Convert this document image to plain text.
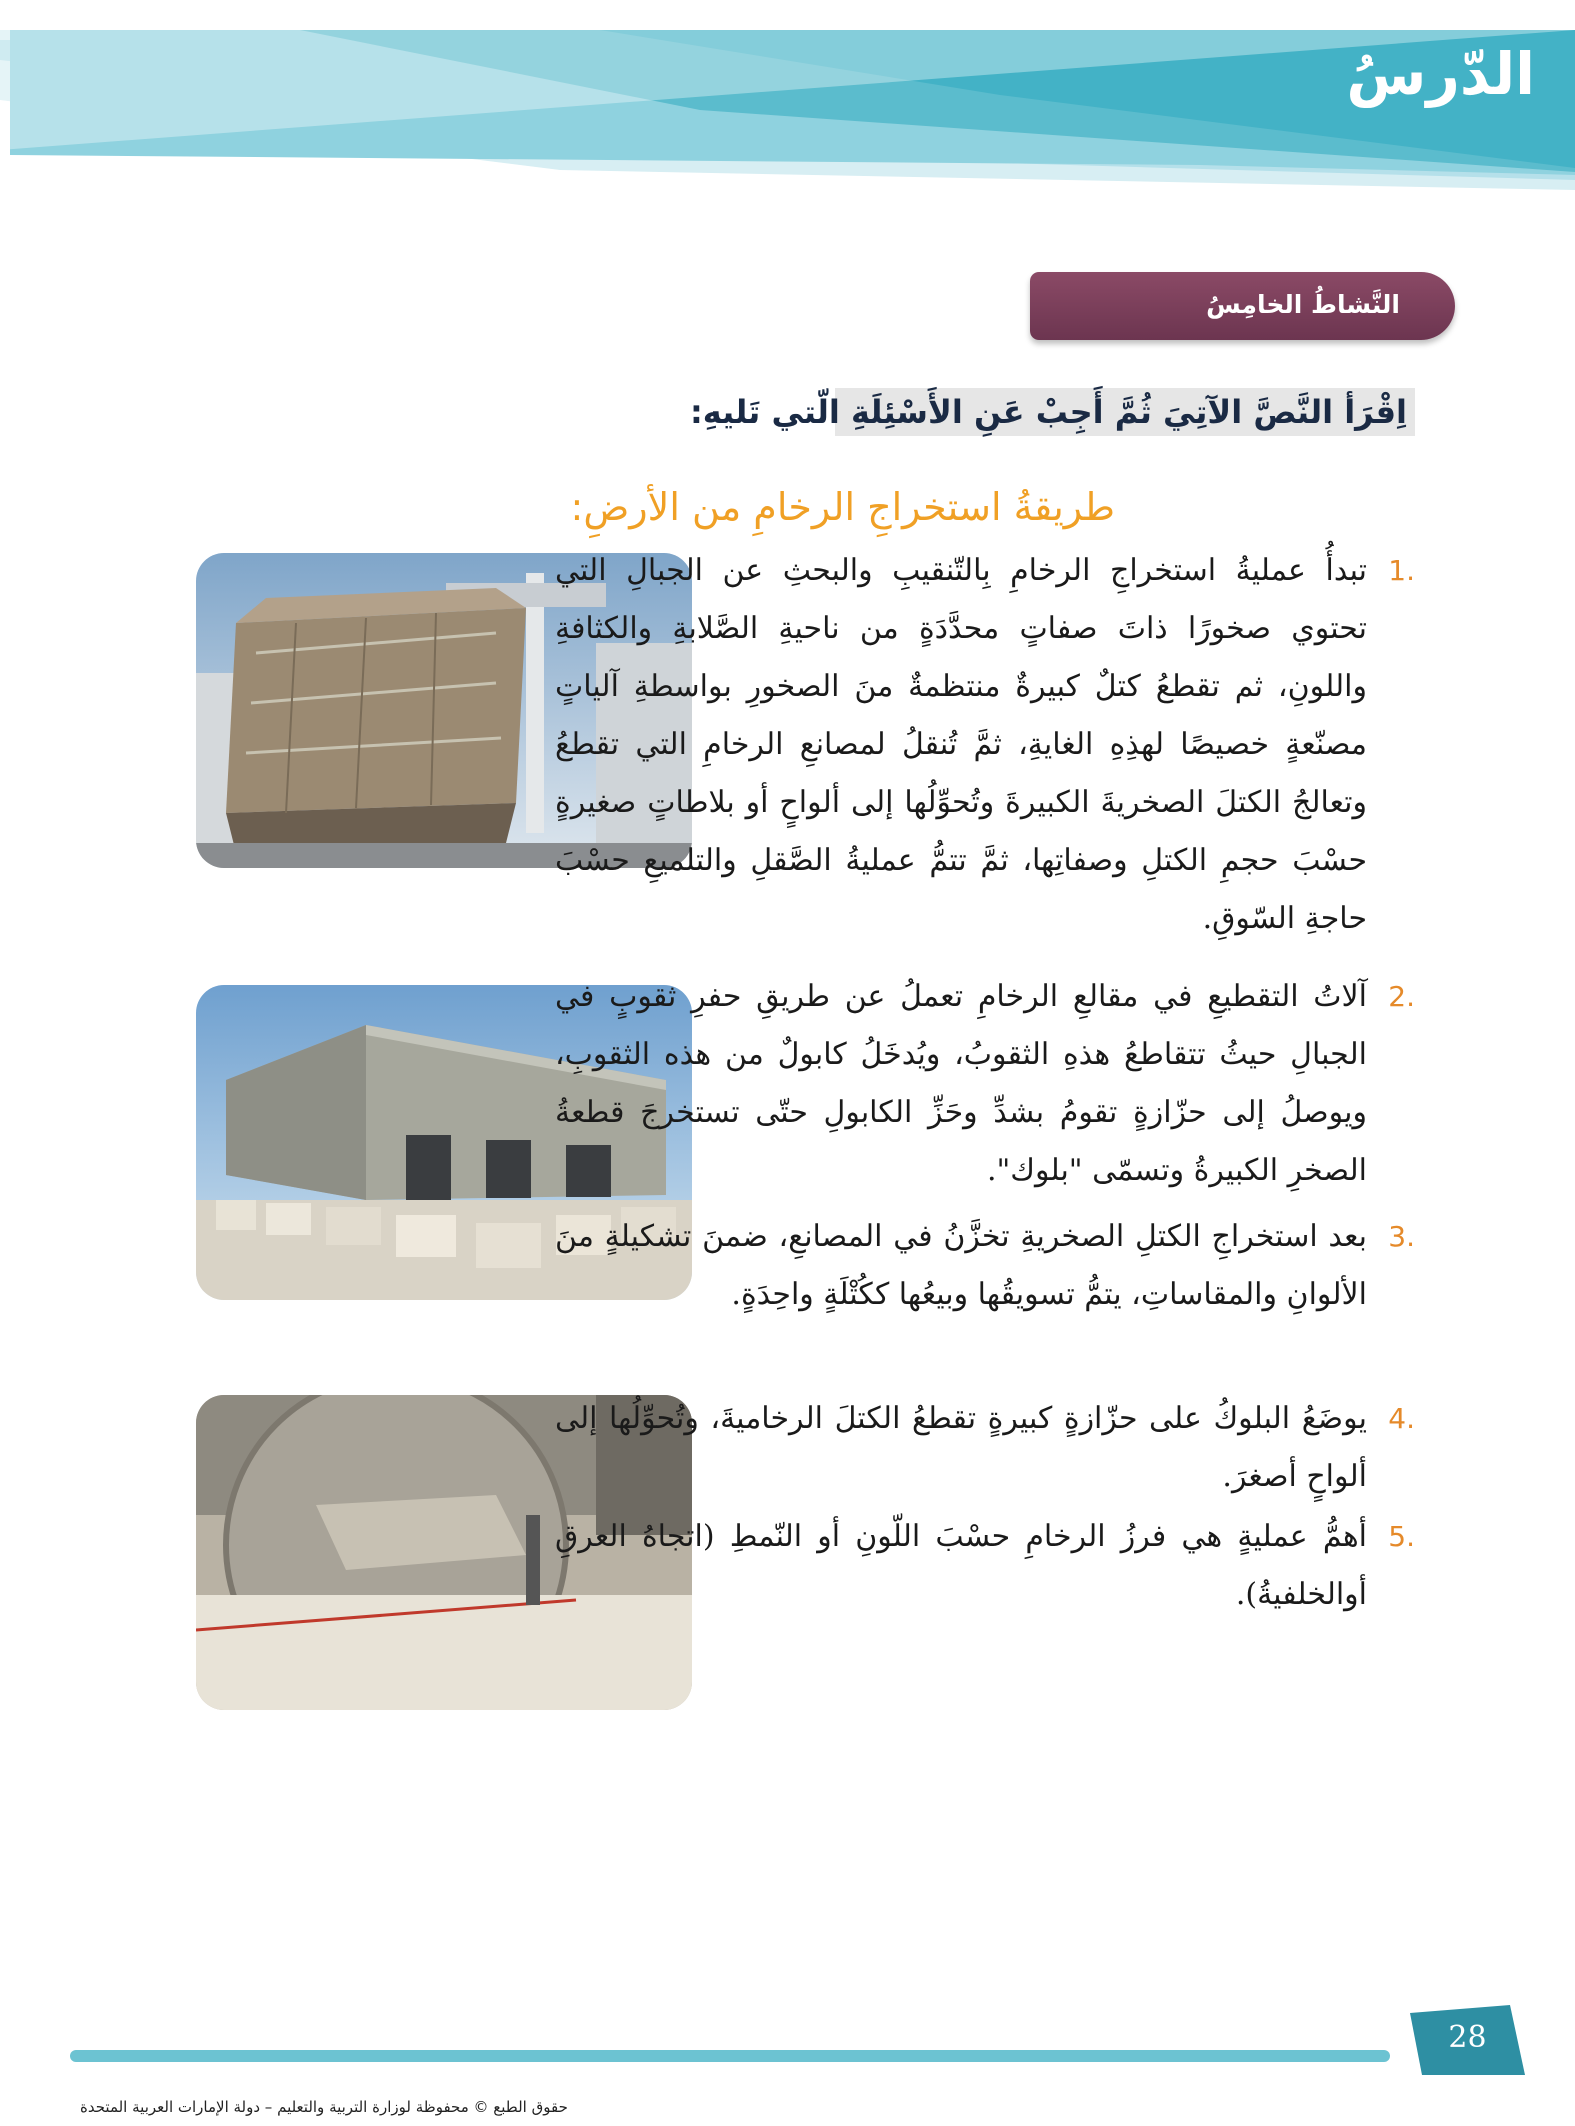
الدّرسُ
النَّشاطُ الخامِسُ
اِقْرَأ النَّصَّ الآتِيَ ثُمَّ أَجِبْ عَنِ الأَسْئِلَةِ الّتي تَليهِ:
طريقةُ استخراجِ الرخامِ من الأرضِ:
.1
تبدأُ عمليةُ استخراجِ الرخامِ بِالتّنقيبِ والبحثِ عن الجبالِ التي تحتوي صخورًا ذاتَ صفاتٍ محدَّدَةٍ من ناحيةِ الصَّلابةِ والكثافةِ واللونِ، ثم تقطعُ كتلٌ كبيرةٌ منتظمةٌ منَ الصخورِ بواسطةِ آلياتٍ مصنّعةٍ خصيصًا لهذِهِ الغايةِ، ثمَّ تُنقلُ لمصانعِ الرخامِ التي تقطعُ وتعالجُ الكتلَ الصخريةَ الكبيرةَ وتُحوِّلُها إلى ألواحٍ أو بلاطاتٍ صغيرةٍ حسْبَ حجمِ الكتلِ وصفاتِها، ثمَّ تتمُّ عمليةُ الصَّقلِ والتلميعِ حسْبَ حاجةِ السّوقِ.
.2
آلاتُ التقطيعِ في مقالعِ الرخامِ تعملُ عن طريقِ حفرِ ثقوبٍ في الجبالِ حيثُ تتقاطعُ هذهِ الثقوبُ، ويُدخَلُ كابولٌ من هذه الثقوبِ، ويوصلُ إلى حزّازةٍ تقومُ بشدِّ وحَزِّ الكابولِ حتّى تستخرجَ قطعةُ الصخرِ الكبيرةُ وتسمّى "بلوك".
.3
بعد استخراجِ الكتلِ الصخريةِ تخزَّنُ في المصانعِ، ضمنَ تشكيلةٍ منَ الألوانِ والمقاساتِ، يتمُّ تسويقُها وبيعُها ككُتْلَةٍ واحِدَةٍ.
.4
يوضَعُ البلوكُ على حزّازةٍ كبيرةٍ تقطعُ الكتلَ الرخاميةَ، وتُحوِّلُها إلى ألواحٍ أصغرَ.
.5
أهمُّ عمليةٍ هي فرزُ الرخامِ حسْبَ اللّونِ أو النّمطِ (اتجاهُ العرقِ أوالخلفيةُ).
28
حقوق الطبع © محفوظة لوزارة التربية والتعليم – دولة الإمارات العربية المتحدة
